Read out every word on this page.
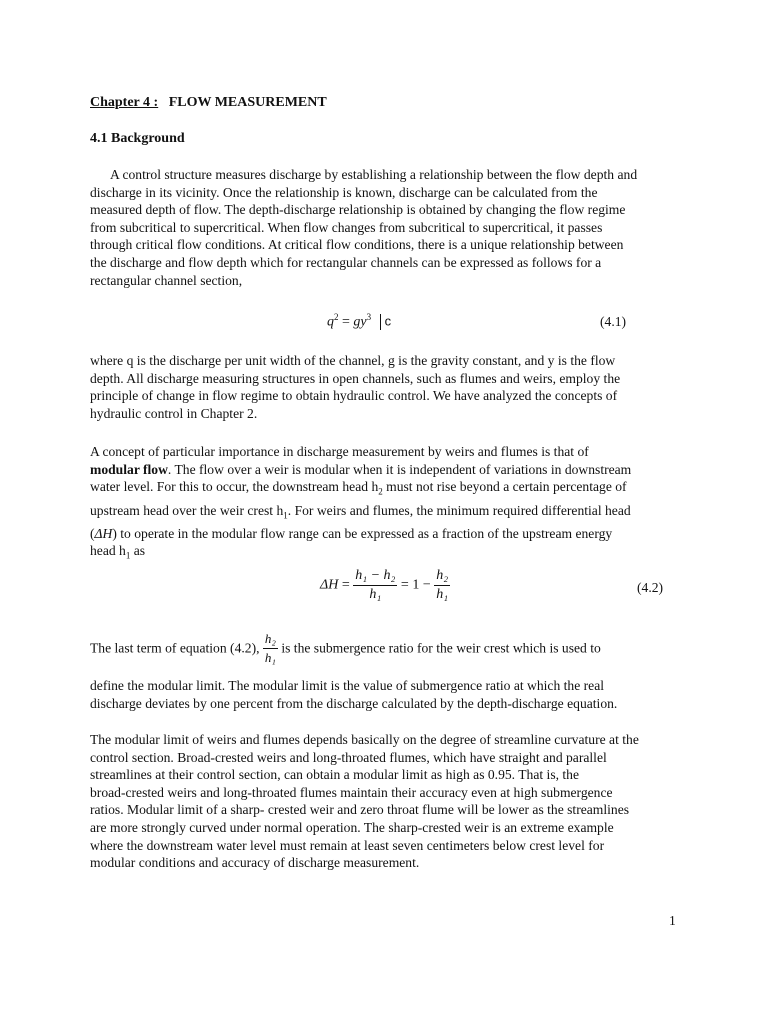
Chapter 4 : FLOW MEASUREMENT
4.1 Background

A control structure measures discharge by establishing a relationship between the flow depth and
discharge in its vicinity. Once the relationship is known, discharge can be calculated from the
measured depth of flow. The depth-discharge relationship is obtained by changing the flow regime
from subcritical to supercritical. When flow changes from subcritical to supercritical, it passes
through critical flow conditions. At critical flow conditions, there is a unique relationship between
the discharge and flow depth which for rectangular channels can be expressed as follows for a
rectangular channel section,

$q^2 = gy^3$ c	(4.1)

where q is the discharge per unit width of the channel, g is the gravity constant, and y is the flow
depth. All discharge measuring structures in open channels, such as flumes and weirs, employ the
principle of change in flow regime to obtain hydraulic control. We have analyzed the concepts of
hydraulic control in Chapter 2.

A concept of particular importance in discharge measurement by weirs and flumes is that of
modular flow. The flow over a weir is modular when it is independent of variations in downstream
water level. For this to occur, the downstream head $h_2$ must not rise beyond a certain percentage of
upstream head over the weir crest $h_1$. For weirs and flumes, the minimum required differential head
(ΔH) to operate in the modular flow range can be expressed as a fraction of the upstream energy
head $h_1$ as

$\Delta H = \frac{\text{h₁ − h₂}}{\text{h₁}} = 1 - \frac{\text{h₂}}{\text{h₁}}$	(4.2)
The last term of equation (4.2), $\frac{\text{h₂}}{\text{h₁}}$ is the submergence ratio for the weir crest which is used to

define the modular limit. The modular limit is the value of submergence ratio at which the real
discharge deviates by one percent from the discharge calculated by the depth-discharge equation.

The modular limit of weirs and flumes depends basically on the degree of streamline curvature at the
control section. Broad-crested weirs and long-throated flumes, which have straight and parallel
streamlines at their control section, can obtain a modular limit as high as 0.95. That is, the
broad-crested weirs and long-throated flumes maintain their accuracy even at high submergence
ratios. Modular limit of a sharp- crested weir and zero throat flume will be lower as the streamlines
are more strongly curved under normal operation. The sharp-crested weir is an extreme example
where the downstream water level must remain at least seven centimeters below crest level for
modular conditions and accuracy of discharge measurement.

1
